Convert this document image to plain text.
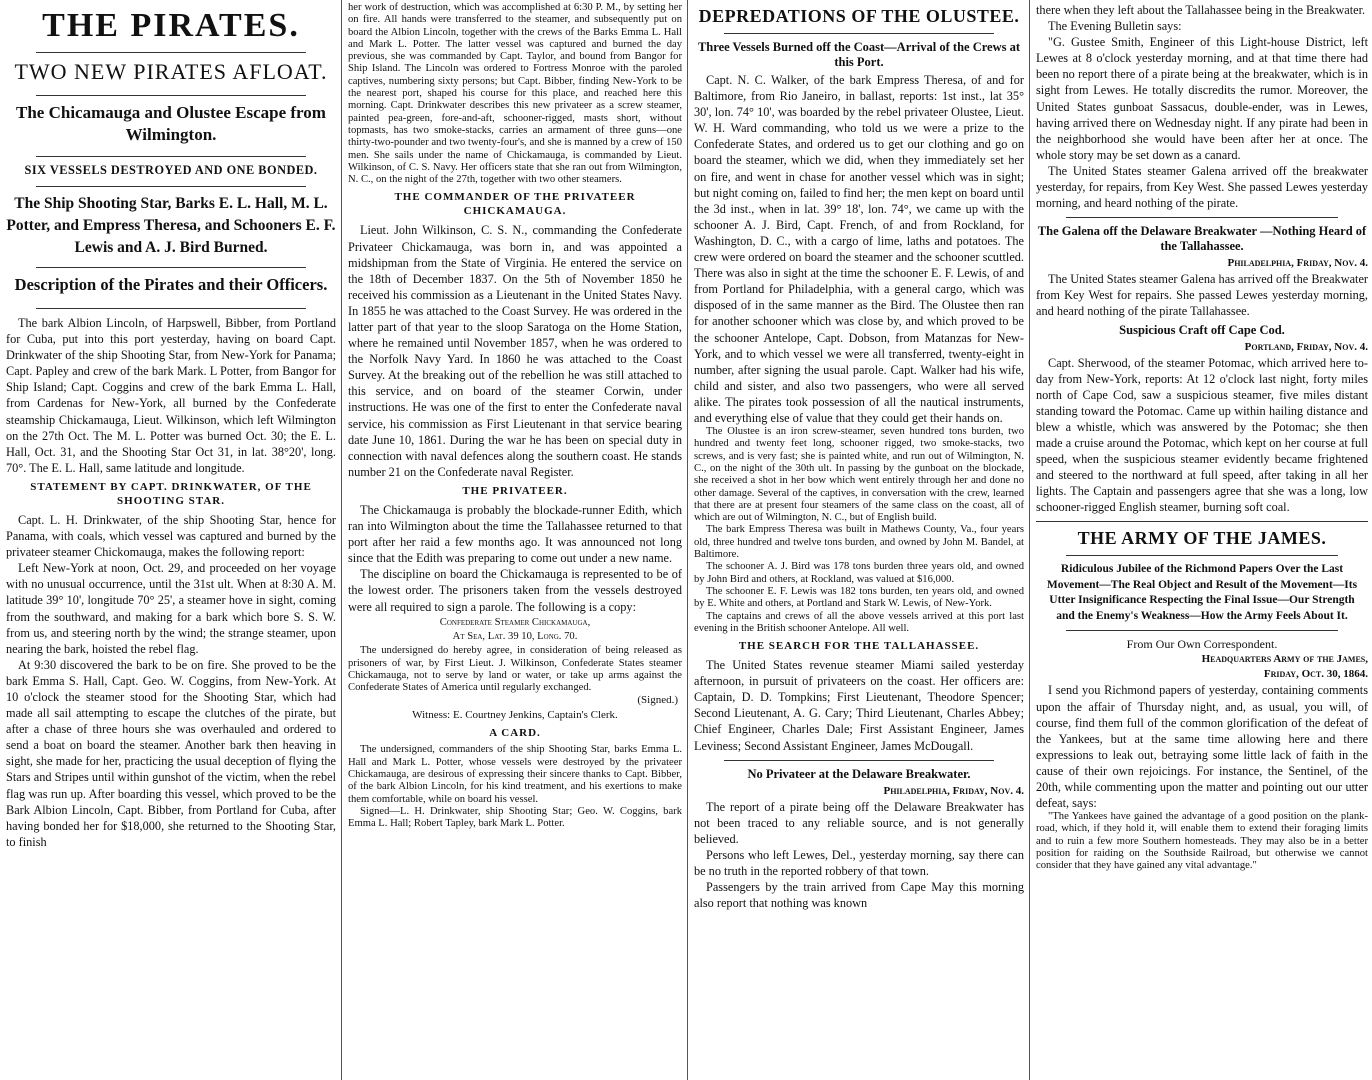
THE PIRATES.
TWO NEW PIRATES AFLOAT.
The Chicamauga and Olustee Escape from Wilmington.
SIX VESSELS DESTROYED AND ONE BONDED.
The Ship Shooting Star, Barks E. L. Hall, M. L. Potter, and Empress Theresa, and Schooners E. F. Lewis and A. J. Bird Burned.
Description of the Pirates and their Officers.

The bark Albion Lincoln, of Harpswell, Bibber, from Portland for Cuba, put into this port yesterday, having on board Capt. Drinkwater of the ship Shooting Star, from New-York for Panama; Capt. Papley and crew of the bark Mark. L Potter, from Bangor for Ship Island; Capt. Coggins and crew of the bark Emma L. Hall, from Cardenas for New-York, all burned by the Confederate steamship Chickamauga, Lieut. Wilkinson, which left Wilmington on the 27th Oct. The M. L. Potter was burned Oct. 30; the E. L. Hall, Oct. 31, and the Shooting Star Oct 31, in lat. 38°20', long. 70°. The E. L. Hall, same latitude and longitude.

STATEMENT BY CAPT. DRINKWATER, OF THE SHOOTING STAR.

Capt. L. H. Drinkwater, of the ship Shooting Star, hence for Panama, with coals, which vessel was captured and burned by the privateer steamer Chickomauga, makes the following report:

Left New-York at noon, Oct. 29, and proceeded on her voyage with no unusual occurrence, until the 31st ult. When at 8:30 A. M. latitude 39° 10', longitude 70° 25', a steamer hove in sight, coming from the southward, and making for a bark which bore S. S. W. from us, and steering north by the wind; the strange steamer, upon nearing the bark, hoisted the rebel flag.

At 9:30 discovered the bark to be on fire. She proved to be the bark Emma S. Hall, Capt. Geo. W. Coggins, from New-York. At 10 o'clock the steamer stood for the Shooting Star, which had made all sail attempting to escape the clutches of the pirate, but after a chase of three hours she was overhauled and ordered to send a boat on board the steamer. Another bark then heaving in sight, she made for her, practicing the usual deception of flying the Stars and Stripes until within gunshot of the victim, when the rebel flag was run up. After boarding this vessel, which proved to be the Bark Albion Lincoln, Capt. Bibber, from Portland for Cuba, after having bonded her for $18,000, she returned to the Shooting Star, to finish

her work of destruction, which was accomplished at 6:30 P. M., by setting her on fire. All hands were transferred to the steamer, and subsequently put on board the Albion Lincoln, together with the crews of the Barks Emma L. Hall and Mark L. Potter. The latter vessel was captured and burned the day previous, she was commanded by Capt. Taylor, and bound from Bangor for Ship Island. The Lincoln was ordered to Fortress Monroe with the paroled captives, numbering sixty persons; but Capt. Bibber, finding New-York to be the nearest port, shaped his course for this place, and reached here this morning. Capt. Drinkwater describes this new privateer as a screw steamer, painted pea-green, fore-and-aft, schooner-rigged, masts short, without topmasts, has two smoke-stacks, carries an armament of three guns—one thirty-two-pounder and two twenty-four's, and she is manned by a crew of 150 men. She sails under the name of Chickamauga, is commanded by Lieut. Wilkinson, of C. S. Navy. Her officers state that she ran out from Wilmington, N. C., on the night of the 27th, together with two other steamers.

THE COMMANDER OF THE PRIVATEER CHICKAMAUGA.

Lieut. John Wilkinson, C. S. N., commanding the Confederate Privateer Chickamauga, was born in, and was appointed a midshipman from the State of Virginia. He entered the service on the 18th of December 1837. On the 5th of November 1850 he received his commission as a Lieutenant in the United States Navy. In 1855 he was attached to the Coast Survey. He was ordered in the latter part of that year to the sloop Saratoga on the Home Station, where he remained until November 1857, when he was ordered to the Norfolk Navy Yard. In 1860 he was attached to the Coast Survey. At the breaking out of the rebellion he was still attached to this service, and on board of the steamer Corwin, under instructions. He was one of the first to enter the Confederate naval service, his commission as First Lieutenant in that service bearing date June 10, 1861. During the war he has been on special duty in connection with naval defences along the southern coast. He stands number 21 on the Confederate naval Register.

THE PRIVATEER.

The Chickamauga is probably the blockade-runner Edith, which ran into Wilmington about the time the Tallahassee returned to that port after her raid a few months ago. It was announced not long since that the Edith was preparing to come out under a new name.

The discipline on board the Chickamauga is represented to be of the lowest order. The prisoners taken from the vessels destroyed were all required to sign a parole. The following is a copy:

Confederate Steamer Chickamauga,
At Sea, Lat. 39 10, Long. 70.

The undersigned do hereby agree, in consideration of being released as prisoners of war, by First Lieut. J. Wilkinson, Confederate States steamer Chickamauga, not to serve by land or water, or take up arms against the Confederate States of America until regularly exchanged.

(Signed.)
Witness: E. Courtney Jenkins, Captain's Clerk.
A CARD.

The undersigned, commanders of the ship Shooting Star, barks Emma L. Hall and Mark L. Potter, whose vessels were destroyed by the privateer Chickamauga, are desirous of expressing their sincere thanks to Capt. Bibber, of the bark Albion Lincoln, for his kind treatment, and his exertions to make them comfortable, while on board his vessel.

Signed—L. H. Drinkwater, ship Shooting Star; Geo. W. Coggins, bark Emma L. Hall; Robert Tapley, bark Mark L. Potter.

DEPREDATIONS OF THE OLUSTEE.
Three Vessels Burned off the Coast—Arrival of the Crews at this Port.

Capt. N. C. Walker, of the bark Empress Theresa, of and for Baltimore, from Rio Janeiro, in ballast, reports: 1st inst., lat 35° 30', lon. 74° 10', was boarded by the rebel privateer Olustee, Lieut. W. H. Ward commanding, who told us we were a prize to the Confederate States, and ordered us to get our clothing and go on board the steamer, which we did, when they immediately set her on fire, and went in chase for another vessel which was in sight; but night coming on, failed to find her; the men kept on board until the 3d inst., when in lat. 39° 18', lon. 74°, we came up with the schooner A. J. Bird, Capt. French, of and from Rockland, for Washington, D. C., with a cargo of lime, laths and potatoes. The crew were ordered on board the steamer and the schooner scuttled. There was also in sight at the time the schooner E. F. Lewis, of and from Portland for Philadelphia, with a general cargo, which was disposed of in the same manner as the Bird. The Olustee then ran for another schooner which was close by, and which proved to be the schooner Antelope, Capt. Dobson, from Matanzas for New-York, and to which vessel we were all transferred, twenty-eight in number, after signing the usual parole. Capt. Walker had his wife, child and sister, and also two passengers, who were all served alike. The pirates took possession of all the nautical instruments, and everything else of value that they could get their hands on.

The Olustee is an iron screw-steamer, seven hundred tons burden, two hundred and twenty feet long, schooner rigged, two smoke-stacks, two screws, and is very fast; she is painted white, and run out of Wilmington, N. C., on the night of the 30th ult. In passing by the gunboat on the blockade, she received a shot in her bow which went entirely through her and done no other damage. Several of the captives, in conversation with the crew, learned that there are at present four steamers of the same class on the coast, all of which are out of Wilmington, N. C., but of English build.

The bark Empress Theresa was built in Mathews County, Va., four years old, three hundred and twelve tons burden, and owned by John M. Bandel, at Baltimore.

The schooner A. J. Bird was 178 tons burden three years old, and owned by John Bird and others, at Rockland, was valued at $16,000.

The schooner E. F. Lewis was 182 tons burden, ten years old, and owned by E. White and others, at Portland and Stark W. Lewis, of New-York.

The captains and crews of all the above vessels arrived at this port last evening in the British schooner Antelope. All well.

THE SEARCH FOR THE TALLAHASSEE.

The United States revenue steamer Miami sailed yesterday afternoon, in pursuit of privateers on the coast. Her officers are: Captain, D. D. Tompkins; First Lieutenant, Theodore Spencer; Second Lieutenant, A. G. Cary; Third Lieutenant, Charles Abbey; Chief Engineer, Charles Dale; First Assistant Engineer, James Leviness; Second Assistant Engineer, James McDougall.

No Privateer at the Delaware Breakwater.
Philadelphia, Friday, Nov. 4.

The report of a pirate being off the Delaware Breakwater has not been traced to any reliable source, and is not generally believed.

Persons who left Lewes, Del., yesterday morning, say there can be no truth in the reported robbery of that town.

Passengers by the train arrived from Cape May this morning also report that nothing was known

there when they left about the Tallahassee being in the Breakwater.

The Evening Bulletin says:

"G. Gustee Smith, Engineer of this Light-house District, left Lewes at 8 o'clock yesterday morning, and at that time there had been no report there of a pirate being at the breakwater, which is in sight from Lewes. He totally discredits the rumor. Moreover, the United States gunboat Sassacus, double-ender, was in Lewes, having arrived there on Wednesday night. If any pirate had been in the neighborhood she would have been after her at once. The whole story may be set down as a canard.

The United States steamer Galena arrived off the breakwater yesterday, for repairs, from Key West. She passed Lewes yesterday morning, and heard nothing of the pirate.

The Galena off the Delaware Breakwater —Nothing Heard of the Tallahassee.
Philadelphia, Friday, Nov. 4.

The United States steamer Galena has arrived off the Breakwater from Key West for repairs. She passed Lewes yesterday morning, and heard nothing of the pirate Tallahassee.

Suspicious Craft off Cape Cod.
Portland, Friday, Nov. 4.

Capt. Sherwood, of the steamer Potomac, which arrived here to-day from New-York, reports: At 12 o'clock last night, forty miles north of Cape Cod, saw a suspicious steamer, five miles distant standing toward the Potomac. Came up within hailing distance and blew a whistle, which was answered by the Potomac; she then made a cruise around the Potomac, which kept on her course at full speed, when the suspicious steamer evidently became frightened and steered to the northward at full speed, after taking in all her lights. The Captain and passengers agree that she was a long, low schooner-rigged English steamer, burning soft coal.

THE ARMY OF THE JAMES.
Ridiculous Jubilee of the Richmond Papers Over the Last Movement—The Real Object and Result of the Movement—Its Utter Insignificance Respecting the Final Issue—Our Strength and the Enemy's Weakness—How the Army Feels About It.
From Our Own Correspondent.
Headquarters Army of the James,
Friday, Oct. 30, 1864.

I send you Richmond papers of yesterday, containing comments upon the affair of Thursday night, and, as usual, you will, of course, find them full of the common glorification of the defeat of the Yankees, but at the same time allowing here and there expressions to leak out, betraying some little lack of faith in the cause of their own rejoicings. For instance, the Sentinel, of the 20th, while commenting upon the matter and pointing out our utter defeat, says:

"The Yankees have gained the advantage of a good position on the plank-road, which, if they hold it, will enable them to extend their foraging limits and to ruin a few more Southern homesteads. They may also be in a better position for raiding on the Southside Railroad, but otherwise we cannot consider that they have gained any vital advantage."
